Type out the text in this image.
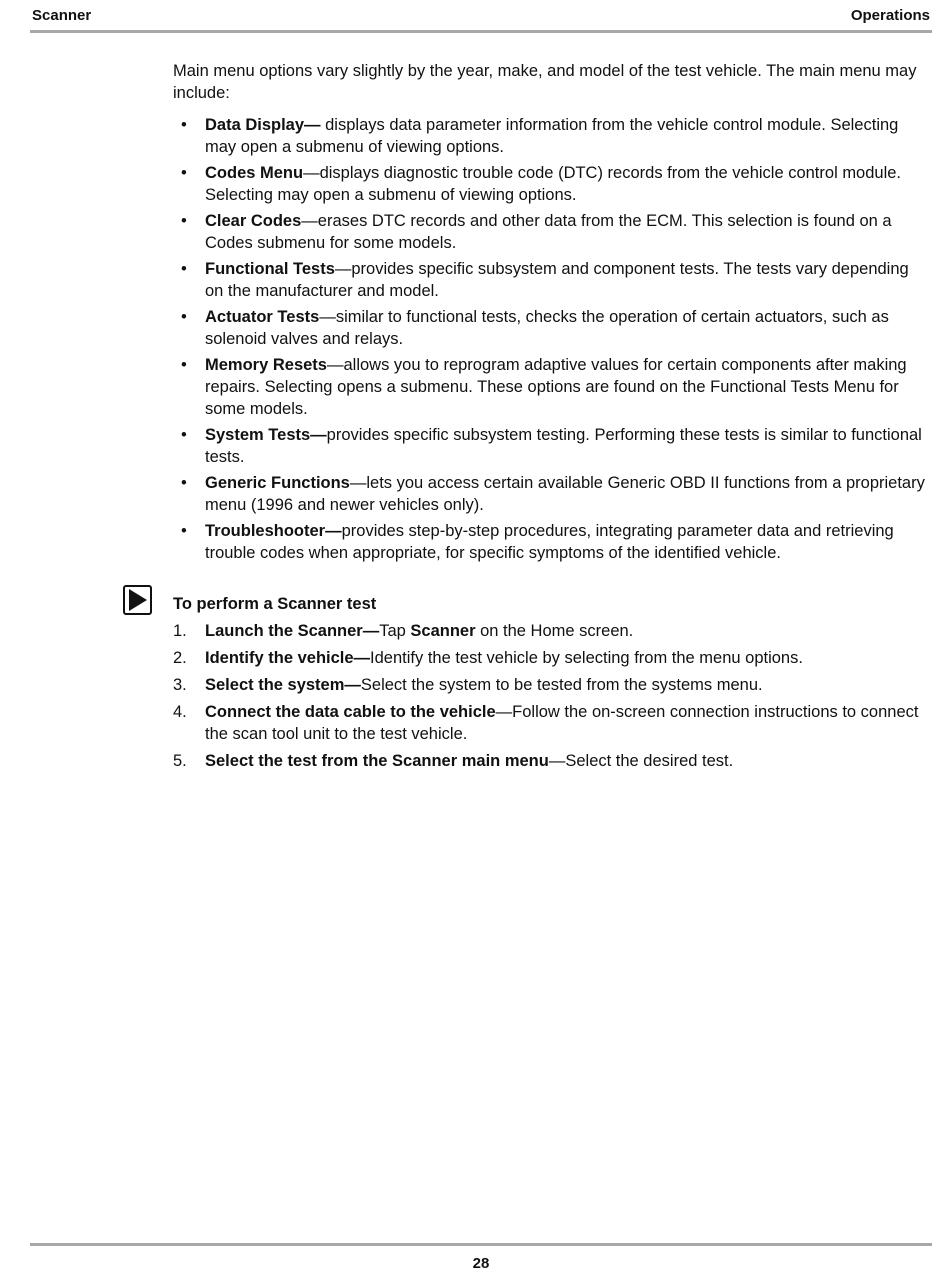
Scanner	Operations

Main menu options vary slightly by the year, make, and model of the test vehicle. The main menu may include:

• Data Display— displays data parameter information from the vehicle control module. Selecting may open a submenu of viewing options.
• Codes Menu—displays diagnostic trouble code (DTC) records from the vehicle control module. Selecting may open a submenu of viewing options.
• Clear Codes—erases DTC records and other data from the ECM. This selection is found on a Codes submenu for some models.
• Functional Tests—provides specific subsystem and component tests. The tests vary depending on the manufacturer and model.
• Actuator Tests—similar to functional tests, checks the operation of certain actuators, such as solenoid valves and relays.
• Memory Resets—allows you to reprogram adaptive values for certain components after making repairs. Selecting opens a submenu. These options are found on the Functional Tests Menu for some models.
• System Tests—provides specific subsystem testing. Performing these tests is similar to functional tests.
• Generic Functions—lets you access certain available Generic OBD II functions from a proprietary menu (1996 and newer vehicles only).
• Troubleshooter—provides step-by-step procedures, integrating parameter data and retrieving trouble codes when appropriate, for specific symptoms of the identified vehicle.

To perform a Scanner test

1. Launch the Scanner—Tap Scanner on the Home screen.
2. Identify the vehicle—Identify the test vehicle by selecting from the menu options.
3. Select the system—Select the system to be tested from the systems menu.
4. Connect the data cable to the vehicle—Follow the on-screen connection instructions to connect the scan tool unit to the test vehicle.
5. Select the test from the Scanner main menu—Select the desired test.
28
